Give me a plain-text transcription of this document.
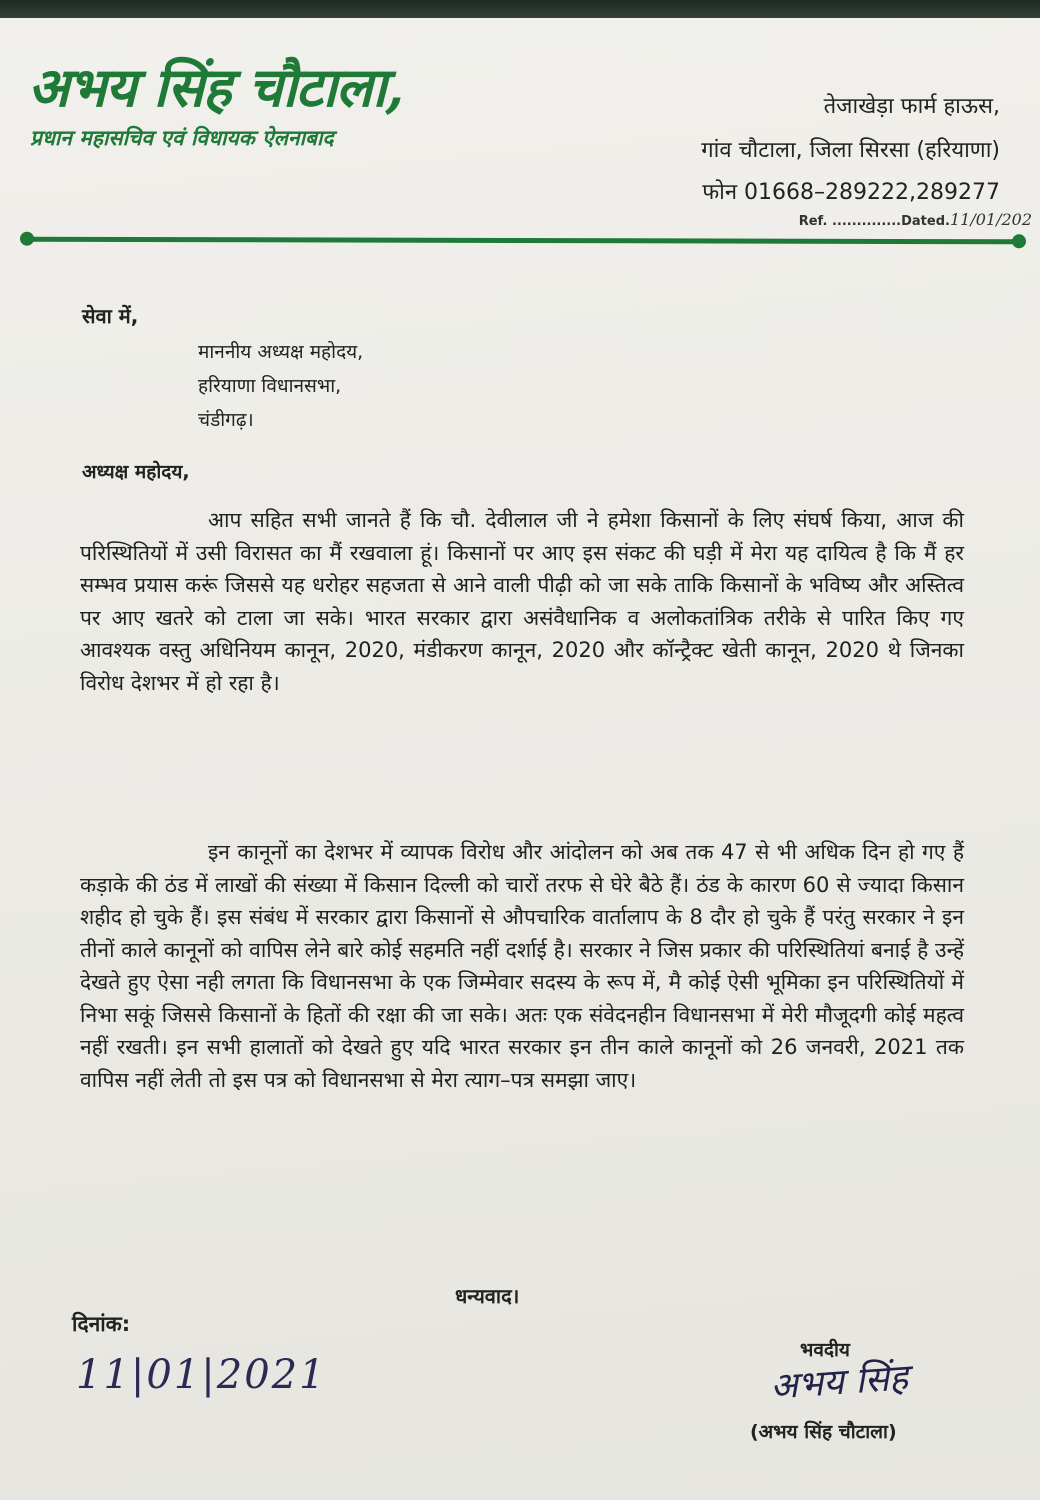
अभय सिंह चौटाला,
प्रधान महासचिव एवं विधायक ऐलनाबाद
तेजाखेड़ा फार्म हाऊस,
गांव चौटाला, जिला सिरसा (हरियाणा)
फोन 01668–289222,289277
Ref. ..............Dated.11/01/202
सेवा में,
माननीय अध्यक्ष महोदय,
हरियाणा विधानसभा,
चंडीगढ़।
अध्यक्ष महोदय,
आप सहित सभी जानते हैं कि चौ. देवीलाल जी ने हमेशा किसानों के लिए संघर्ष किया, आज की परिस्थितियों में उसी विरासत का मैं रखवाला हूं। किसानों पर आए इस संकट की घड़ी में मेरा यह दायित्व है कि मैं हर सम्भव प्रयास करूं जिससे यह धरोहर सहजता से आने वाली पीढ़ी को जा सके ताकि किसानों के भविष्य और अस्तित्व पर आए खतरे को टाला जा सके। भारत सरकार द्वारा असंवैधानिक व अलोकतांत्रिक तरीके से पारित किए गए आवश्यक वस्तु अधिनियम कानून, 2020, मंडीकरण कानून, 2020 और कॉन्ट्रैक्ट खेती कानून, 2020 थे जिनका विरोध देशभर में हो रहा है।
इन कानूनों का देशभर में व्यापक विरोध और आंदोलन को अब तक 47 से भी अधिक दिन हो गए हैं कड़ाके की ठंड में लाखों की संख्या में किसान दिल्ली को चारों तरफ से घेरे बैठे हैं। ठंड के कारण 60 से ज्यादा किसान शहीद हो चुके हैं। इस संबंध में सरकार द्वारा किसानों से औपचारिक वार्तालाप के 8 दौर हो चुके हैं परंतु सरकार ने इन तीनों काले कानूनों को वापिस लेने बारे कोई सहमति नहीं दर्शाई है। सरकार ने जिस प्रकार की परिस्थितियां बनाई है उन्हें देखते हुए ऐसा नही लगता कि विधानसभा के एक जिम्मेवार सदस्य के रूप में, मै कोई ऐसी भूमिका इन परिस्थितियों में निभा सकूं जिससे किसानों के हितों की रक्षा की जा सके। अतः एक संवेदनहीन विधानसभा में मेरी मौजूदगी कोई महत्व नहीं रखती। इन सभी हालातों को देखते हुए यदि भारत सरकार इन तीन काले कानूनों को 26 जनवरी, 2021 तक वापिस नहीं लेती तो इस पत्र को विधानसभा से मेरा त्याग–पत्र समझा जाए।
धन्यवाद।
दिनांक:
11|01|2021
भवदीय
अभय सिंह
(अभय सिंह चौटाला)
